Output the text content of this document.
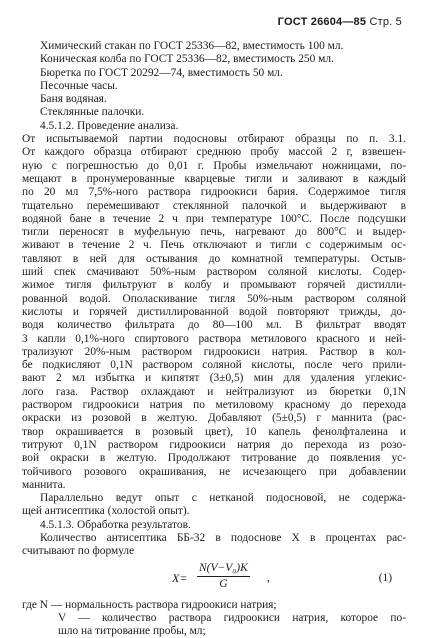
ГОСТ 26604—85 Стр. 5
Химический стакан по ГОСТ 25336—82, вместимость 100 мл.
Коническая колба по ГОСТ 25336—82, вместимость 250 мл.
Бюретка по ГОСТ 20292—74, вместимость 50 мл.
Песочные часы.
Баня водяная.
Стеклянные палочки.
4.5.1.2. Проведение анализа.
От испытываемой партии подосновы отбирают образцы по п. 3.1.
От каждого образца отбирают среднюю пробу массой 2 г, взвешен-
ную с погрешностью до 0,01 г. Пробы измельчают ножницами, по-
мещают в пронумерованные кварцевые тигли и заливают в каждый
по 20 мл 7,5%-ного раствора гидроокиси бария. Содержимое тигля
тщательно перемешивают стеклянной палочкой и выдерживают в
водяной бане в течение 2 ч при температуре 100°С. После подсушки
тигли переносят в муфельную печь, нагревают до 800°С и выдер-
живают в течение 2 ч. Печь отключают и тигли с содержимым ос-
тавляют в ней для остывания до комнатной температуры. Остыв-
ший спек смачивают 50%-ным раствором соляной кислоты. Содер-
жимое тигля фильтруют в колбу и промывают горячей дистилли-
рованной водой. Ополаскивание тигля 50%-ным раствором соляной
кислоты и горячей дистиллированной водой повторяют трижды, до-
водя количество фильтрата до 80—100 мл. В фильтрат вводят
3 капли 0,1%-ного спиртового раствора метилового красного и ней-
трализуют 20%-ным раствором гидроокиси натрия. Раствор в кол-
бе подкисляют 0,1N раствором соляной кислоты, после чего прили-
вают 2 мл избытка и кипятят (3±0,5) мин для удаления углекис-
лого газа. Раствор охлаждают и нейтрализуют из бюретки 0,1N
раствором гидроокиси натрия по метиловому красному до перехода
окраски из розовой в желтую. Добавляют (5±0,5) г маннита (рас-
твор окрашивается в розовый цвет), 10 капель фенолфталеина и
титруют 0,1N раствором гидроокиси натрия до перехода из розо-
вой окраски в желтую. Продолжают титрование до появления ус-
тойчивого розового окрашивания, не исчезающего при добавлении
маннита.
Параллельно ведут опыт с нетканой подосновой, не содержа-
щей антисептика (холостой опыт).
4.5.1.3. Обработка результатов.
Количество антисептика ББ-32 в подосновe X в процентах рас-
считывают по формуле
$X= \frac{\text{N(V−V₀)K}}{G}$ ,	(1)
где N — нормальность раствора гидроокиси натрия;
V — количество раствора гидроокиси натрия, которое по-
шло на титрование пробы, мл;
